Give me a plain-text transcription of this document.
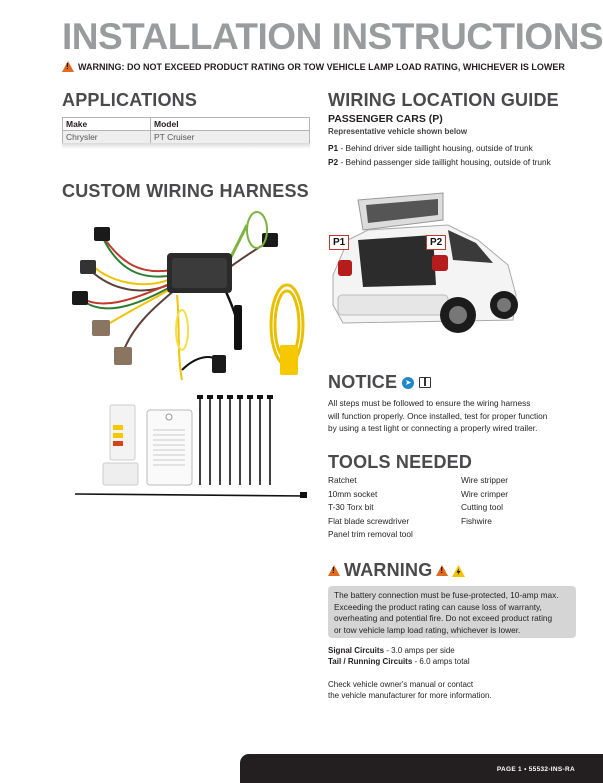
INSTALLATION INSTRUCTIONS
!
WARNING: DO NOT EXCEED PRODUCT RATING OR TOW VEHICLE LAMP LOAD RATING, WHICHEVER IS LOWER
APPLICATIONS
Make	Model
Chrysler	PT Cruiser
CUSTOM WIRING HARNESS
WIRING LOCATION GUIDE
PASSENGER CARS (P)
Representative vehicle shown below
P1 - Behind driver side taillight housing, outside of trunk
P2 - Behind passenger side taillight housing, outside of trunk
P1	P2
NOTICE ➤
All steps must be followed to ensure the wiring harness
will function properly. Once installed, test for proper function
by using a test light or connecting a properly wired trailer.
TOOLS NEEDED
Ratchet
10mm socket
T-30 Torx bit
Flat blade screwdriver
Panel trim removal tool
Wire stripper
Wire crimper
Cutting tool
Fishwire
!
WARNING
!
The battery connection must be fuse-protected, 10-amp max.
Exceeding the product rating can cause loss of warranty,
overheating and potential fire. Do not exceed product rating
or tow vehicle lamp load rating, whichever is lower.
Signal Circuits - 3.0 amps per side
Tail / Running Circuits - 6.0 amps total
Check vehicle owner's manual or contact
the vehicle manufacturer for more information.
PAGE 1 • 55532-INS-RA
